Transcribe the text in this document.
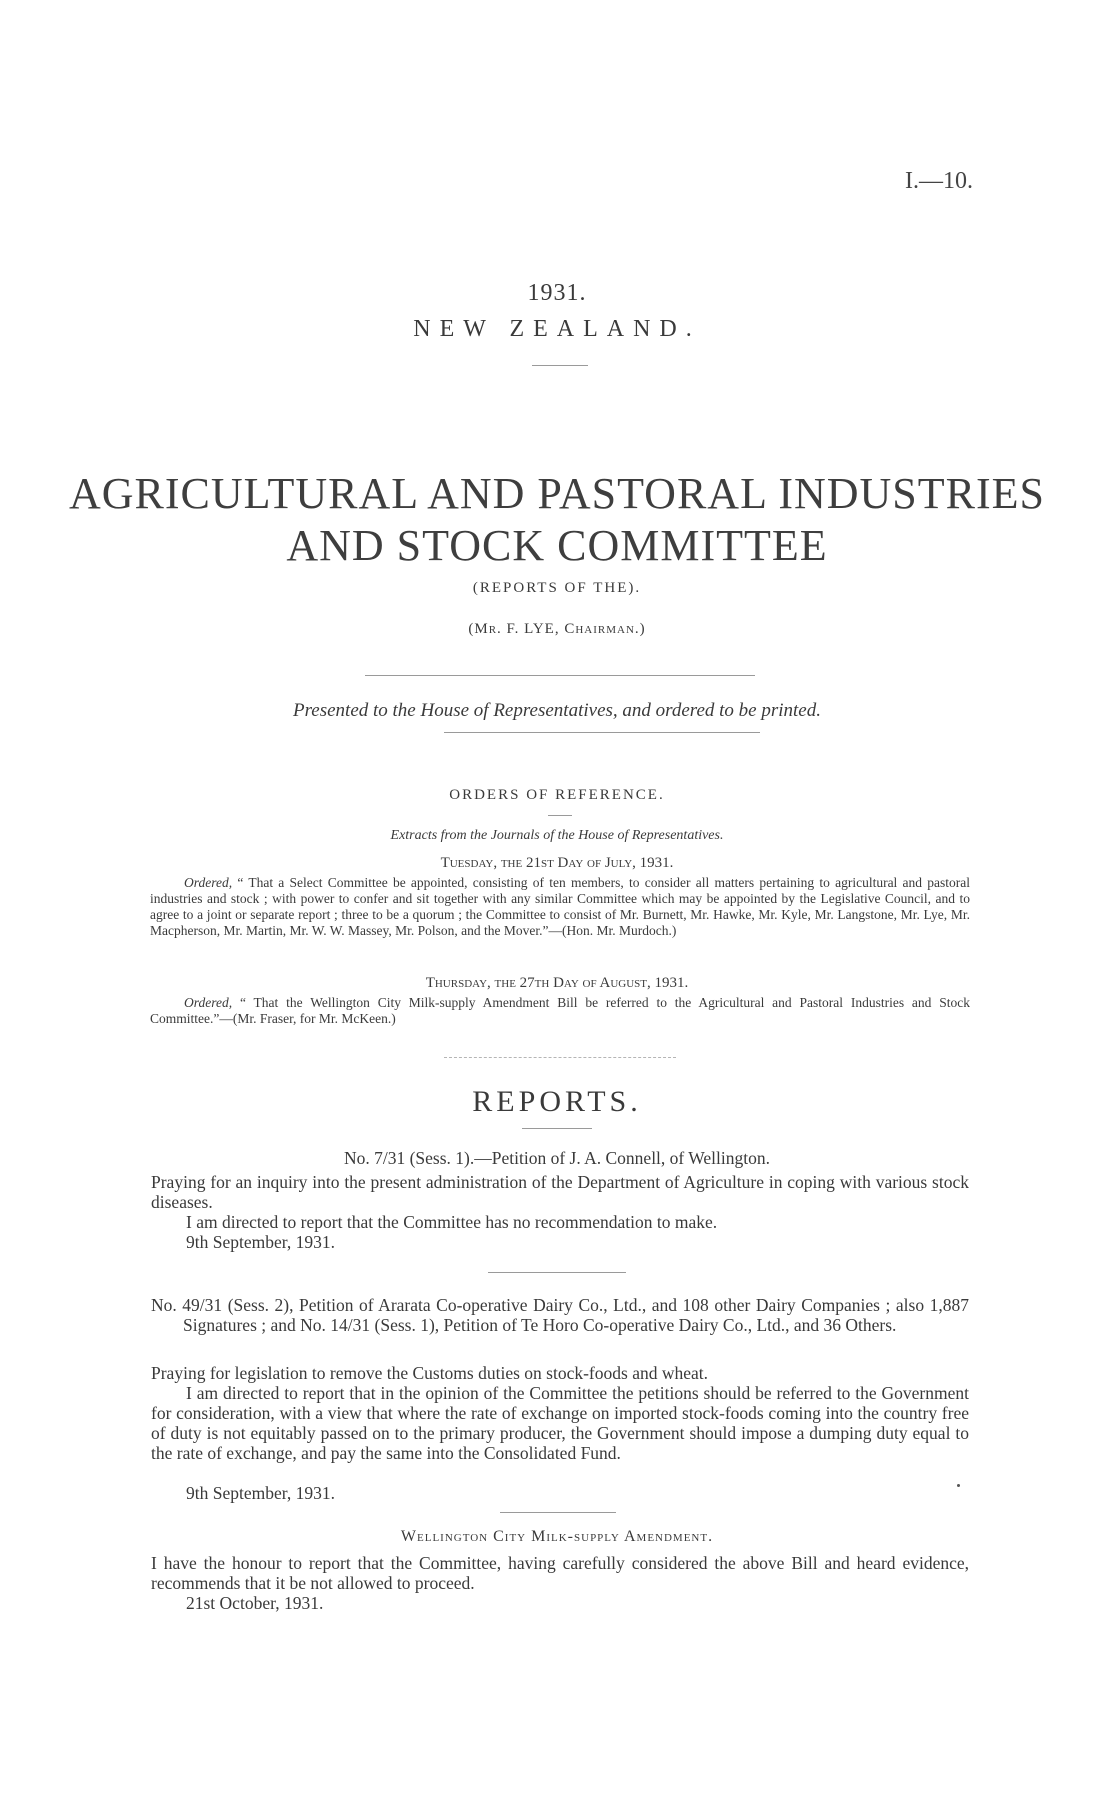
I.—10.
1931.
NEW ZEALAND.
AGRICULTURAL AND PASTORAL INDUSTRIES
AND STOCK COMMITTEE
(REPORTS OF THE).
(Mr. F. LYE, Chairman.)
Presented to the House of Representatives, and ordered to be printed.
ORDERS OF REFERENCE.
Extracts from the Journals of the House of Representatives.
Tuesday, the 21st Day of July, 1931.
Ordered, “ That a Select Committee be appointed, consisting of ten members, to consider all matters pertaining to agricultural and pastoral industries and stock ; with power to confer and sit together with any similar Committee which may be appointed by the Legislative Council, and to agree to a joint or separate report ; three to be a quorum ; the Committee to consist of Mr. Burnett, Mr. Hawke, Mr. Kyle, Mr. Langstone, Mr. Lye, Mr. Macpherson, Mr. Martin, Mr. W. W. Massey, Mr. Polson, and the Mover.”—(Hon. Mr. Murdoch.)
Thursday, the 27th Day of August, 1931.
Ordered, “ That the Wellington City Milk-supply Amendment Bill be referred to the Agricultural and Pastoral Industries and Stock Committee.”—(Mr. Fraser, for Mr. McKeen.)
REPORTS.
No. 7/31 (Sess. 1).—Petition of J. A. Connell, of Wellington.
Praying for an inquiry into the present administration of the Department of Agriculture in coping with various stock diseases.
I am directed to report that the Committee has no recommendation to make.
9th September, 1931.
No. 49/31 (Sess. 2), Petition of Ararata Co-operative Dairy Co., Ltd., and 108 other Dairy Companies ; also 1,887 Signatures ; and No. 14/31 (Sess. 1), Petition of Te Horo Co-operative Dairy Co., Ltd., and 36 Others.
Praying for legislation to remove the Customs duties on stock-foods and wheat.
I am directed to report that in the opinion of the Committee the petitions should be referred to the Government for consideration, with a view that where the rate of exchange on imported stock-foods coming into the country free of duty is not equitably passed on to the primary producer, the Government should impose a dumping duty equal to the rate of exchange, and pay the same into the Consolidated Fund.
9th September, 1931.
Wellington City Milk-supply Amendment.
I have the honour to report that the Committee, having carefully considered the above Bill and heard evidence, recommends that it be not allowed to proceed.
21st October, 1931.
